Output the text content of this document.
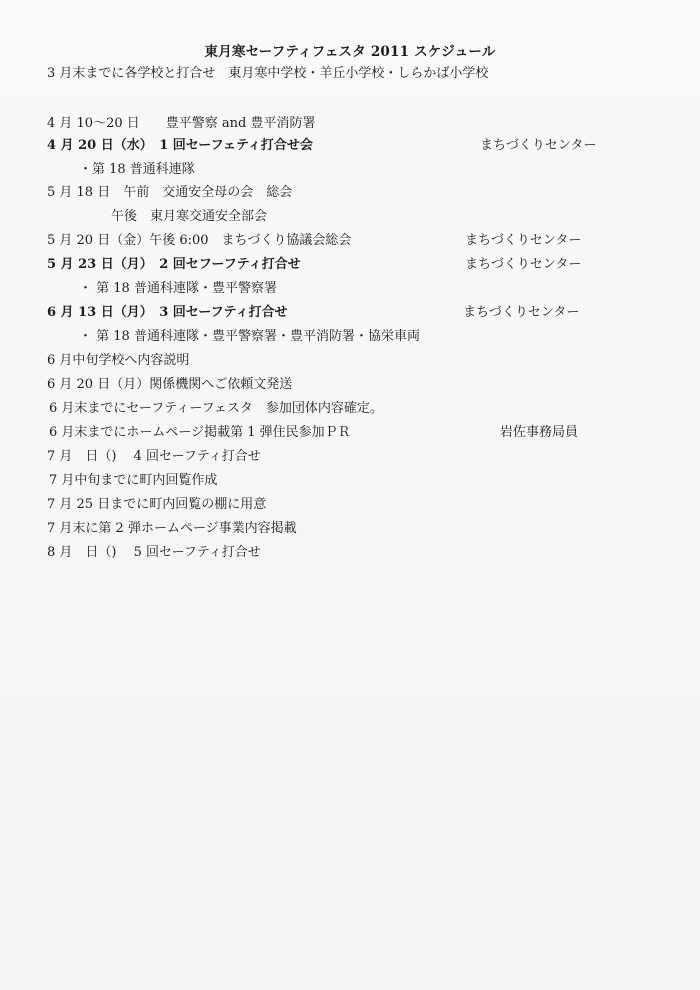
東月寒セーフティフェスタ 2011 スケジュール
3 月末までに各学校と打合せ　東月寒中学校・羊丘小学校・しらかば小学校
4 月 10〜20 日　　豊平警察 and 豊平消防署
4 月 20 日（水）　1 回セーフェティ打合せ会	まちづくりセンター
・第 18 普通科連隊
5 月 18 日　午前　交通安全母の会　総会
午後　東月寒交通安全部会
5 月 20 日（金）午後 6:00　まちづくり協議会総会	まちづくりセンター
5 月 23 日（月）　2 回セフーフティ打合せ	まちづくりセンター
・ 第 18 普通科連隊・豊平警察署
6 月 13 日（月）　3 回セーフティ打合せ	まちづくりセンター
・ 第 18 普通科連隊・豊平警察署・豊平消防署・協栄車両
6 月中旬学校へ内容説明
6 月 20 日（月）関係機関へご依頼文発送
6 月末までにセーフティーフェスタ　参加団体内容確定。
6 月末までにホームページ掲載第 1 弾住民参加ＰＲ	岩佐事務局員
7 月　日（)　 4 回セーフティ打合せ
7 月中旬までに町内回覧作成
7 月 25 日までに町内回覧の棚に用意
7 月末に第 2 弾ホームページ事業内容掲載
8 月　日（)　 5 回セーフティ打合せ
